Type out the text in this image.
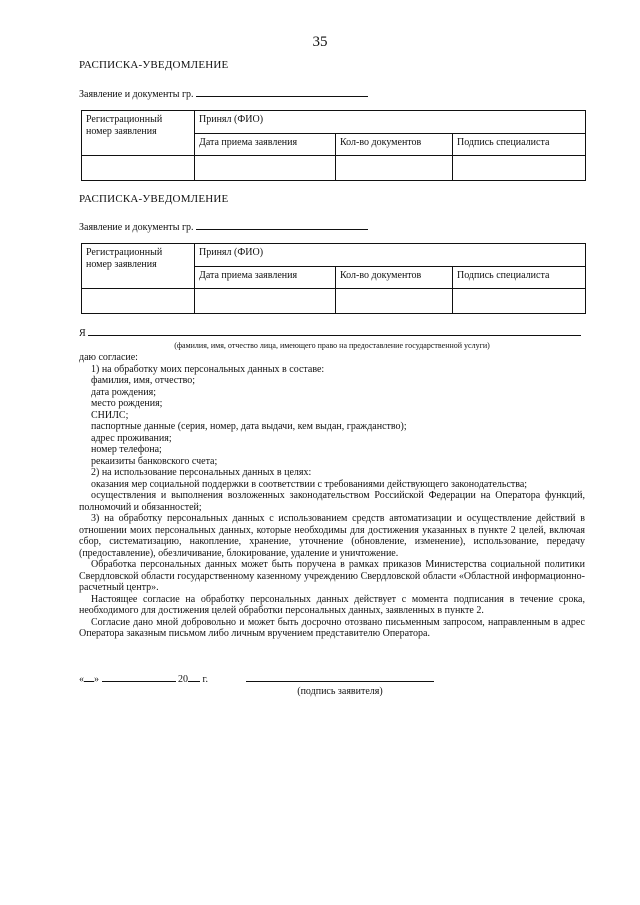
35
РАСПИСКА-УВЕДОМЛЕНИЕ
Заявление и документы гр.
Регистрационный номер заявления	Принял (ФИО)		
	Дата приема заявления	Кол-во документов	Подпись специалиста

РАСПИСКА-УВЕДОМЛЕНИЕ
Заявление и документы гр.
Регистрационный номер заявления	Принял (ФИО)		
	Дата приема заявления	Кол-во документов	Подпись специалиста

Я
(фамилия, имя, отчество лица, имеющего право на предоставление государственной услуги)

даю согласие:

1) на обработку моих персональных данных в составе:

фамилия, имя, отчество;

дата рождения;

место рождения;

СНИЛС;

паспортные данные (серия, номер, дата выдачи, кем выдан, гражданство);

адрес проживания;

номер телефона;

рекаизиты банковского счета;

2) на использование персональных данных в целях:

оказания мер социальной поддержки в соответствии с требованиями действующего законодательства;

осуществления и выполнения возложенных законодательством Российской Федерации на Оператора функций, полномочий и обязанностей;

3) на обработку персональных данных с использованием средств автоматизации и осуществление действий в отношении моих персональных данных, которые необходимы для достижения указанных в пункте 2 целей, включая сбор, систематизацию, накопление, хранение, уточнение (обновление, изменение), использование, передачу (предоставление), обезличивание, блокирование, удаление и уничтожение.

Обработка персональных данных может быть поручена в рамках приказов Министерства социальной политики Свердловской области государственному казенному учреждению Свердловской области «Областной информационно-расчетный центр».

Настоящее согласие на обработку персональных данных действует с момента подписания в течение срока, необходимого для достижения целей обработки персональных данных, заявленных в пункте 2.

Согласие дано мной добровольно и может быть досрочно отозвано письменным запросом, направленным в адрес Оператора заказным письмом либо личным вручением представителю Оператора.

« »	20 г.
(подпись заявителя)
